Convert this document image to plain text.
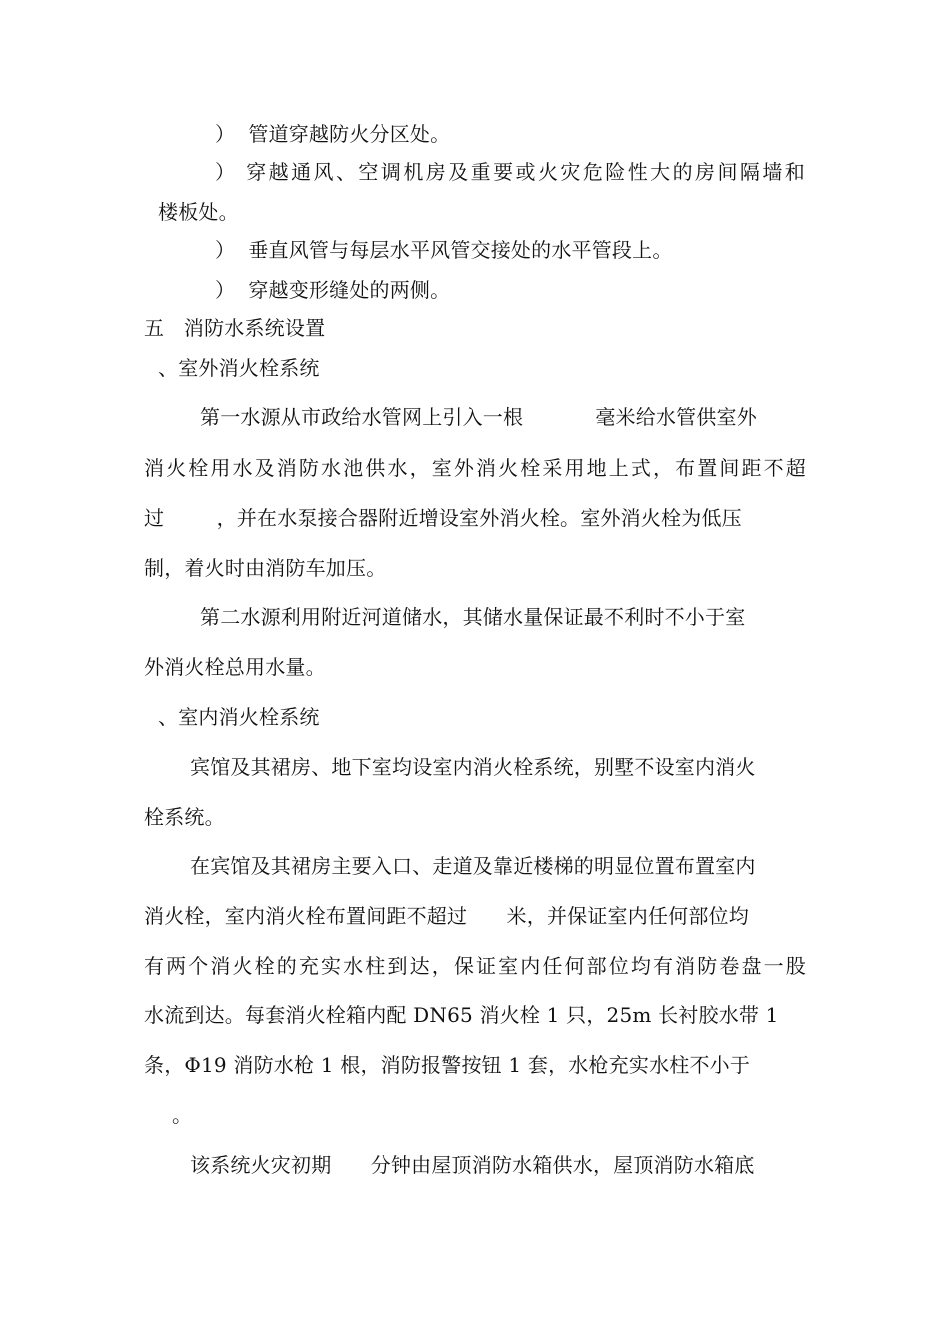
）  管道穿越防火分区处。
） 穿越通风、空调机房及重要或火灾危险性大的房间隔墙和
楼板处。
）  垂直风管与每层水平风管交接处的水平管段上。
）  穿越变形缝处的两侧。
五   消防水系统设置
、室外消火栓系统
第一水源从市政给水管网上引入一根           毫米给水管供室外
消火栓用水及消防水池供水，室外消火栓采用地上式，布置间距不超
过        ，并在水泵接合器附近增设室外消火栓。室外消火栓为低压
制，着火时由消防车加压。
第二水源利用附近河道储水，其储水量保证最不利时不小于室
外消火栓总用水量。
、室内消火栓系统
宾馆及其裙房、地下室均设室内消火栓系统，别墅不设室内消火
栓系统。
在宾馆及其裙房主要入口、走道及靠近楼梯的明显位置布置室内
消火栓，室内消火栓布置间距不超过      米，并保证室内任何部位均
有两个消火栓的充实水柱到达，保证室内任何部位均有消防卷盘一股
水流到达。每套消火栓箱内配 DN65 消火栓 1 只，25m 长衬胶水带 1
条，Φ19 消防水枪 1 根，消防报警按钮 1 套，水枪充实水柱不小于
。
该系统火灾初期      分钟由屋顶消防水箱供水，屋顶消防水箱底
